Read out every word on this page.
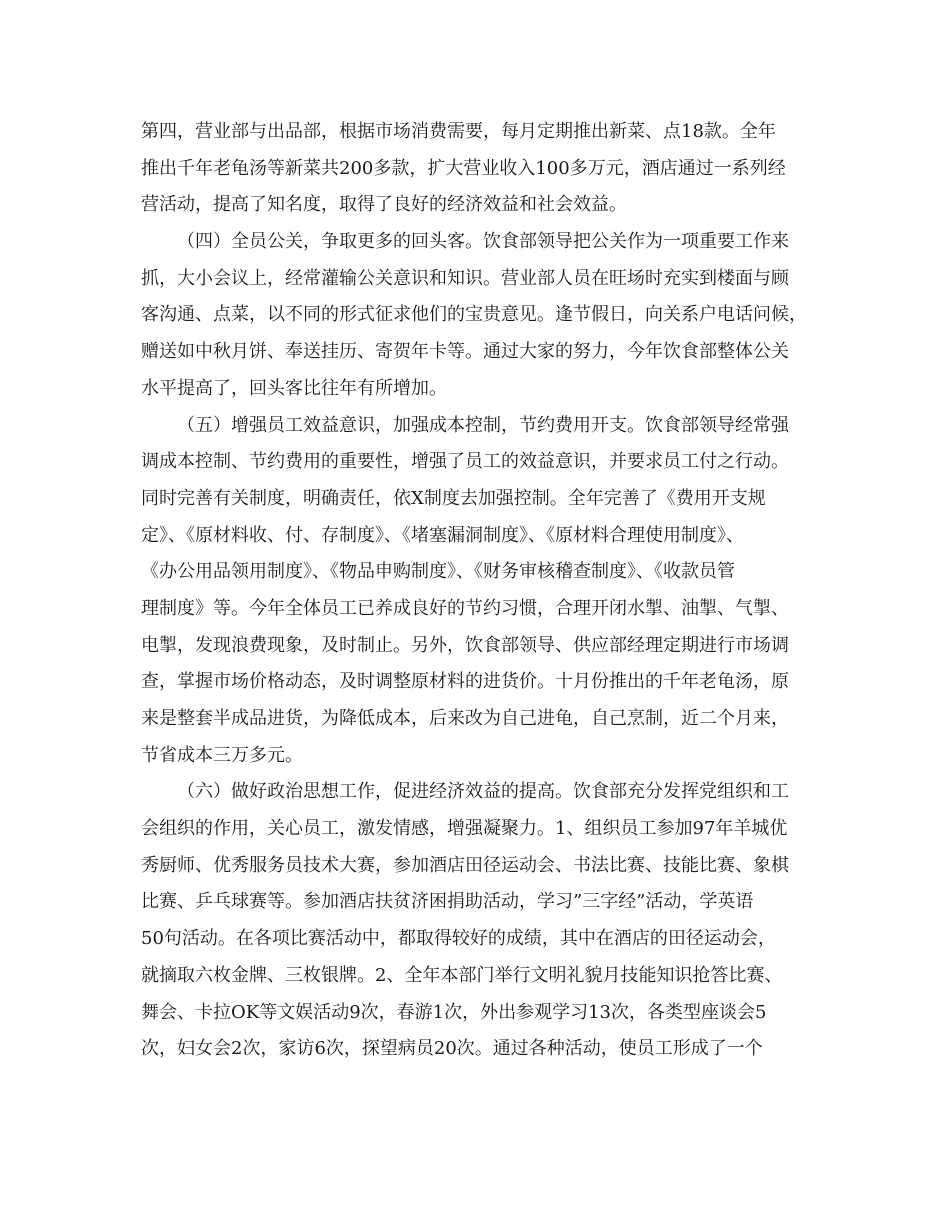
第四，营业部与出品部，根据市场消费需要，每月定期推出新菜、点18款。全年
推出千年老龟汤等新菜共200多款，扩大营业收入100多万元，酒店通过一系列经
营活动，提高了知名度，取得了良好的经济效益和社会效益。
（四）全员公关，争取更多的回头客。饮食部领导把公关作为一项重要工作来
抓，大小会议上，经常灌输公关意识和知识。营业部人员在旺场时充实到楼面与顾
客沟通、点菜，以不同的形式征求他们的宝贵意见。逢节假日，向关系户电话问候，
赠送如中秋月饼、奉送挂历、寄贺年卡等。通过大家的努力，今年饮食部整体公关
水平提高了，回头客比往年有所增加。
（五）增强员工效益意识，加强成本控制，节约费用开支。饮食部领导经常强
调成本控制、节约费用的重要性，增强了员工的效益意识，并要求员工付之行动。
同时完善有关制度，明确责任，依X制度去加强控制。全年完善了《费用开支规
定》、《原材料收、付、存制度》、《堵塞漏洞制度》、《原材料合理使用制度》、
《办公用品领用制度》、《物品申购制度》、《财务审核稽查制度》、《收款员管
理制度》等。今年全体员工已养成良好的节约习惯，合理开闭水掣、油掣、气掣、
电掣，发现浪费现象，及时制止。另外，饮食部领导、供应部经理定期进行市场调
查，掌握市场价格动态，及时调整原材料的进货价。十月份推出的千年老龟汤，原
来是整套半成品进货，为降低成本，后来改为自己进龟，自己烹制，近二个月来，
节省成本三万多元。
（六）做好政治思想工作，促进经济效益的提高。饮食部充分发挥党组织和工
会组织的作用，关心员工，激发情感，增强凝聚力。1、组织员工参加97年羊城优
秀厨师、优秀服务员技术大赛，参加酒店田径运动会、书法比赛、技能比赛、象棋
比赛、乒乓球赛等。参加酒店扶贫济困捐助活动，学习”三字经”活动，学英语
50句活动。在各项比赛活动中，都取得较好的成绩，其中在酒店的田径运动会，
就摘取六枚金牌、三枚银牌。2、全年本部门举行文明礼貌月技能知识抢答比赛、
舞会、卡拉OK等文娱活动9次，春游1次，外出参观学习13次，各类型座谈会5
次，妇女会2次，家访6次，探望病员20次。通过各种活动，使员工形成了一个
